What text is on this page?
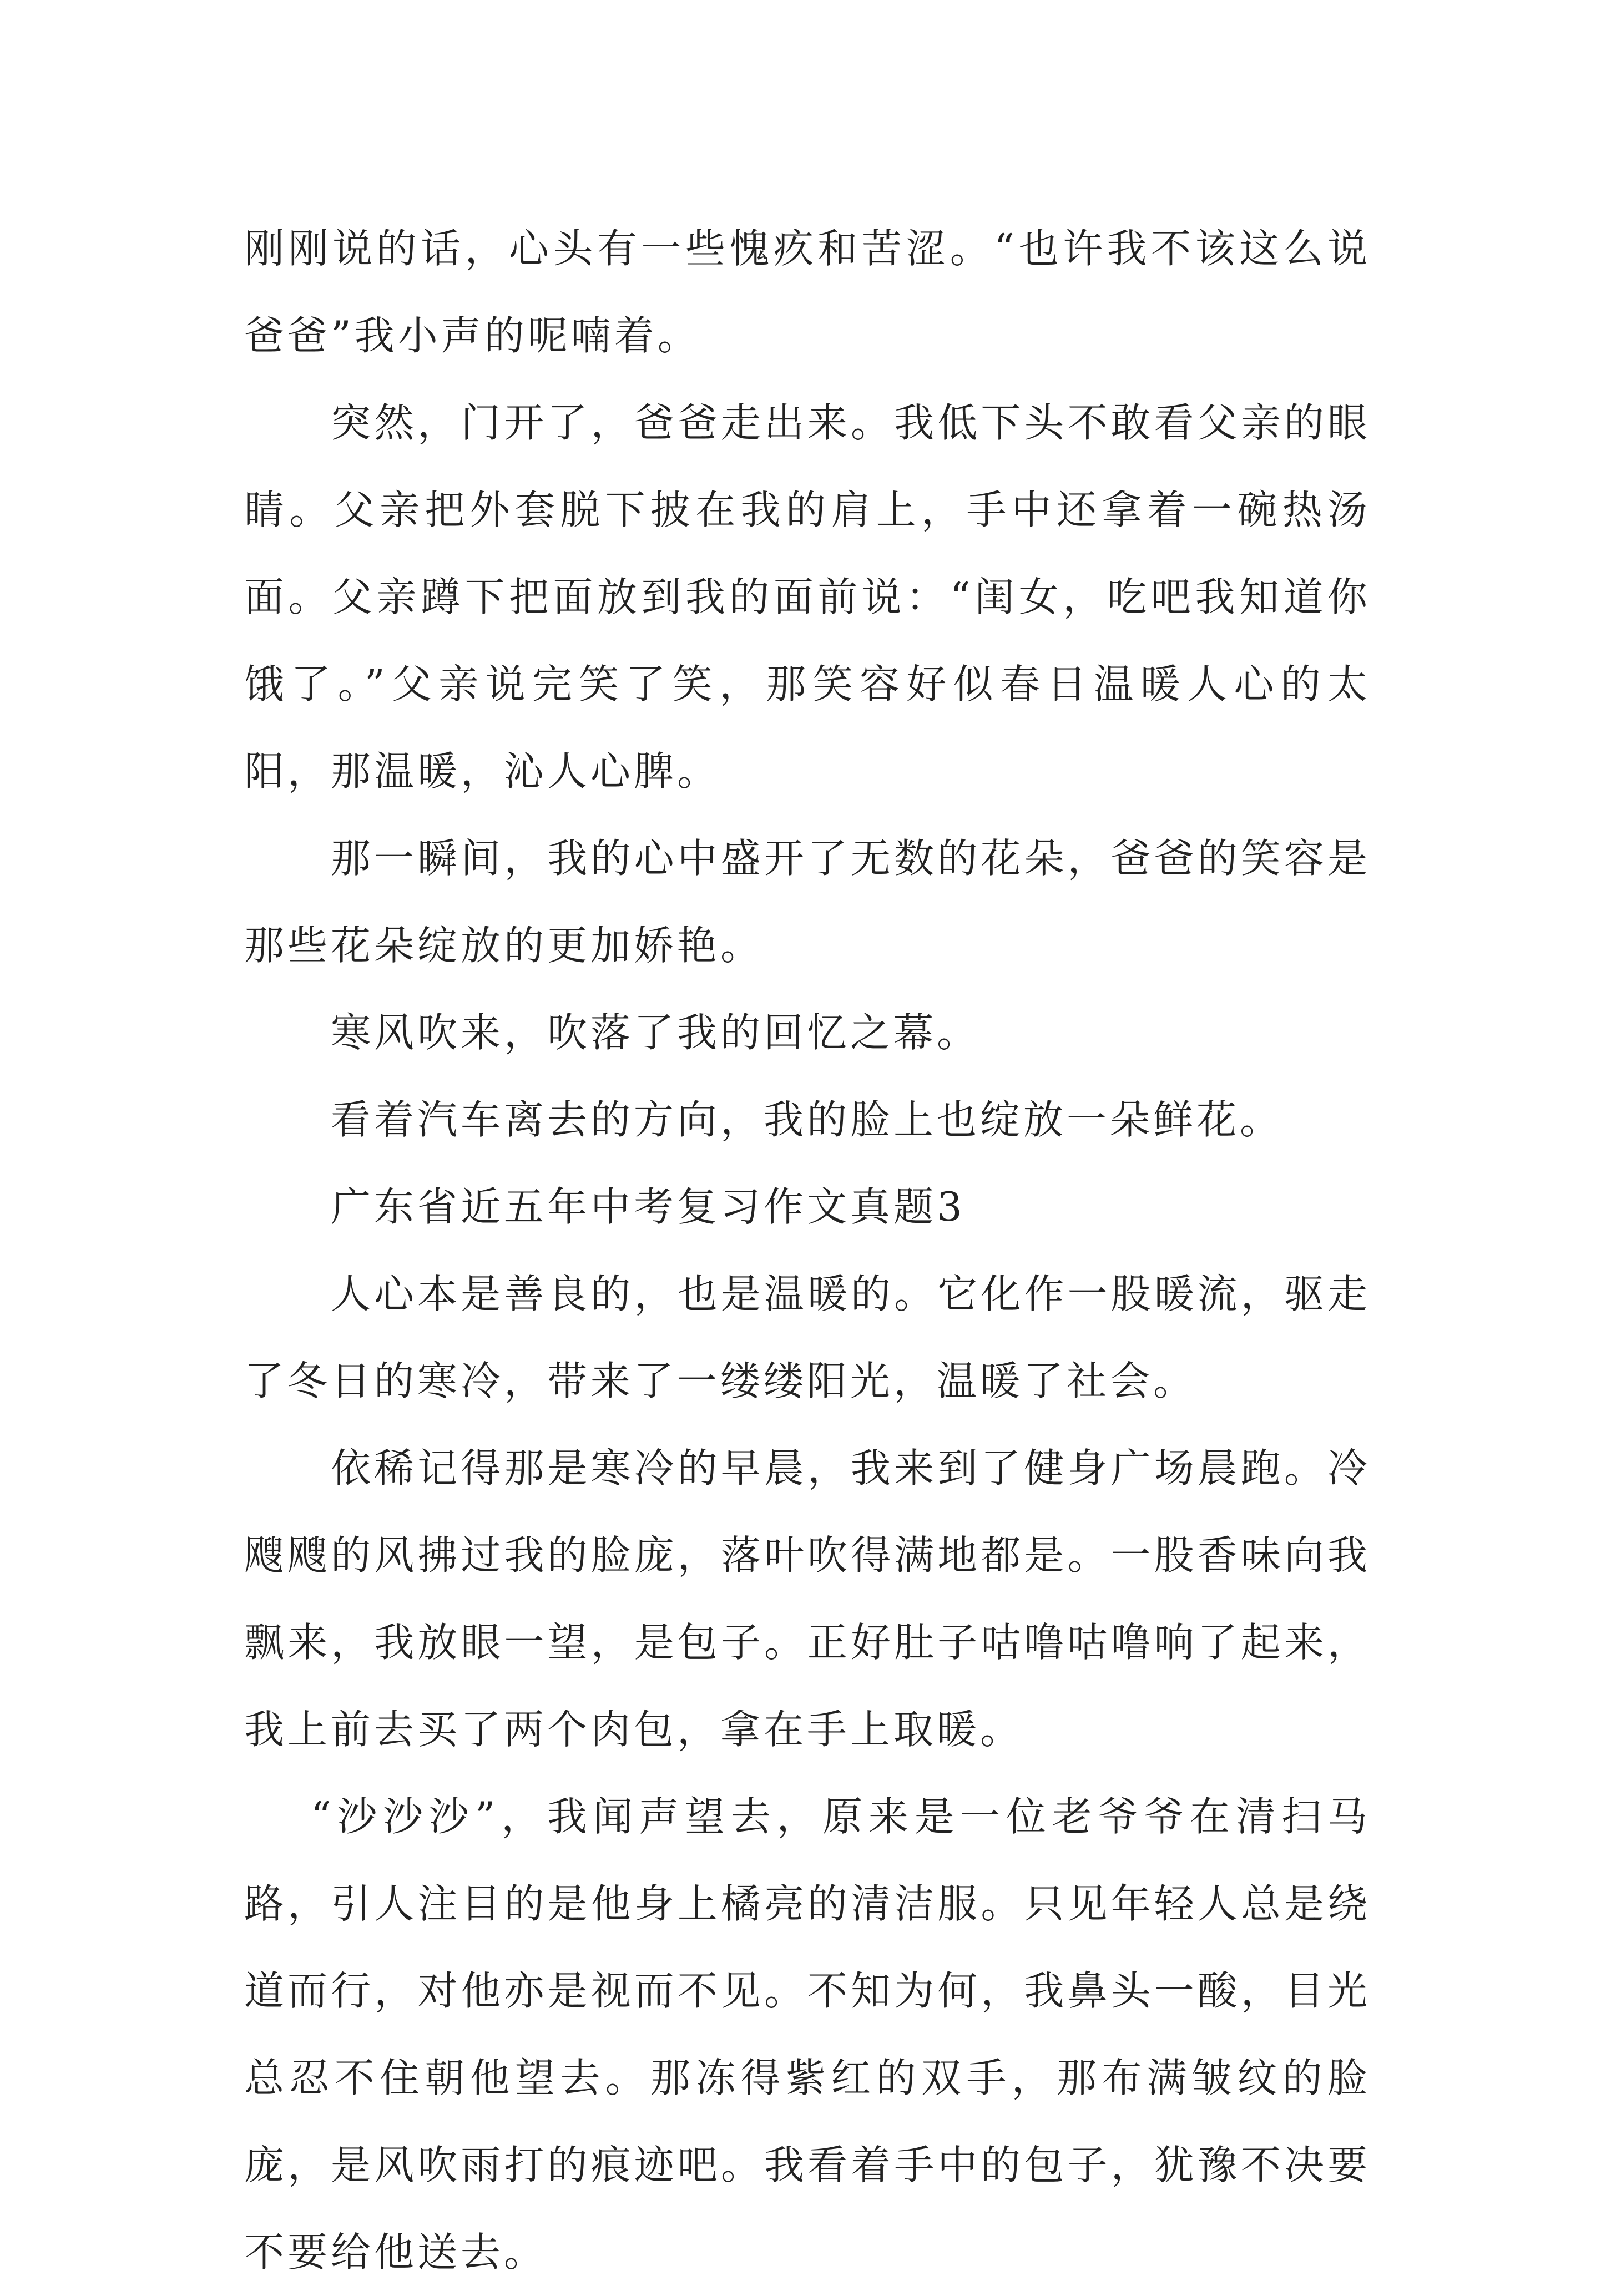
刚刚说的话，心头有一些愧疚和苦涩。“也许我不该这么说爸爸”我小声的呢喃着。

突然，门开了，爸爸走出来。我低下头不敢看父亲的眼睛。父亲把外套脱下披在我的肩上，手中还拿着一碗热汤面。父亲蹲下把面放到我的面前说：“闺女，吃吧我知道你饿了。”父亲说完笑了笑，那笑容好似春日温暖人心的太阳，那温暖，沁人心脾。

那一瞬间，我的心中盛开了无数的花朵，爸爸的笑容是那些花朵绽放的更加娇艳。

寒风吹来，吹落了我的回忆之幕。

看着汽车离去的方向，我的脸上也绽放一朵鲜花。

广东省近五年中考复习作文真题3

人心本是善良的，也是温暖的。它化作一股暖流，驱走了冬日的寒冷，带来了一缕缕阳光，温暖了社会。

依稀记得那是寒冷的早晨，我来到了健身广场晨跑。冷飕飕的风拂过我的脸庞，落叶吹得满地都是。一股香味向我飘来，我放眼一望，是包子。正好肚子咕噜咕噜响了起来，我上前去买了两个肉包，拿在手上取暖。

“沙沙沙”，我闻声望去，原来是一位老爷爷在清扫马路，引人注目的是他身上橘亮的清洁服。只见年轻人总是绕道而行，对他亦是视而不见。不知为何，我鼻头一酸，目光总忍不住朝他望去。那冻得紫红的双手，那布满皱纹的脸庞，是风吹雨打的痕迹吧。我看着手中的包子，犹豫不决要不要给他送去。
